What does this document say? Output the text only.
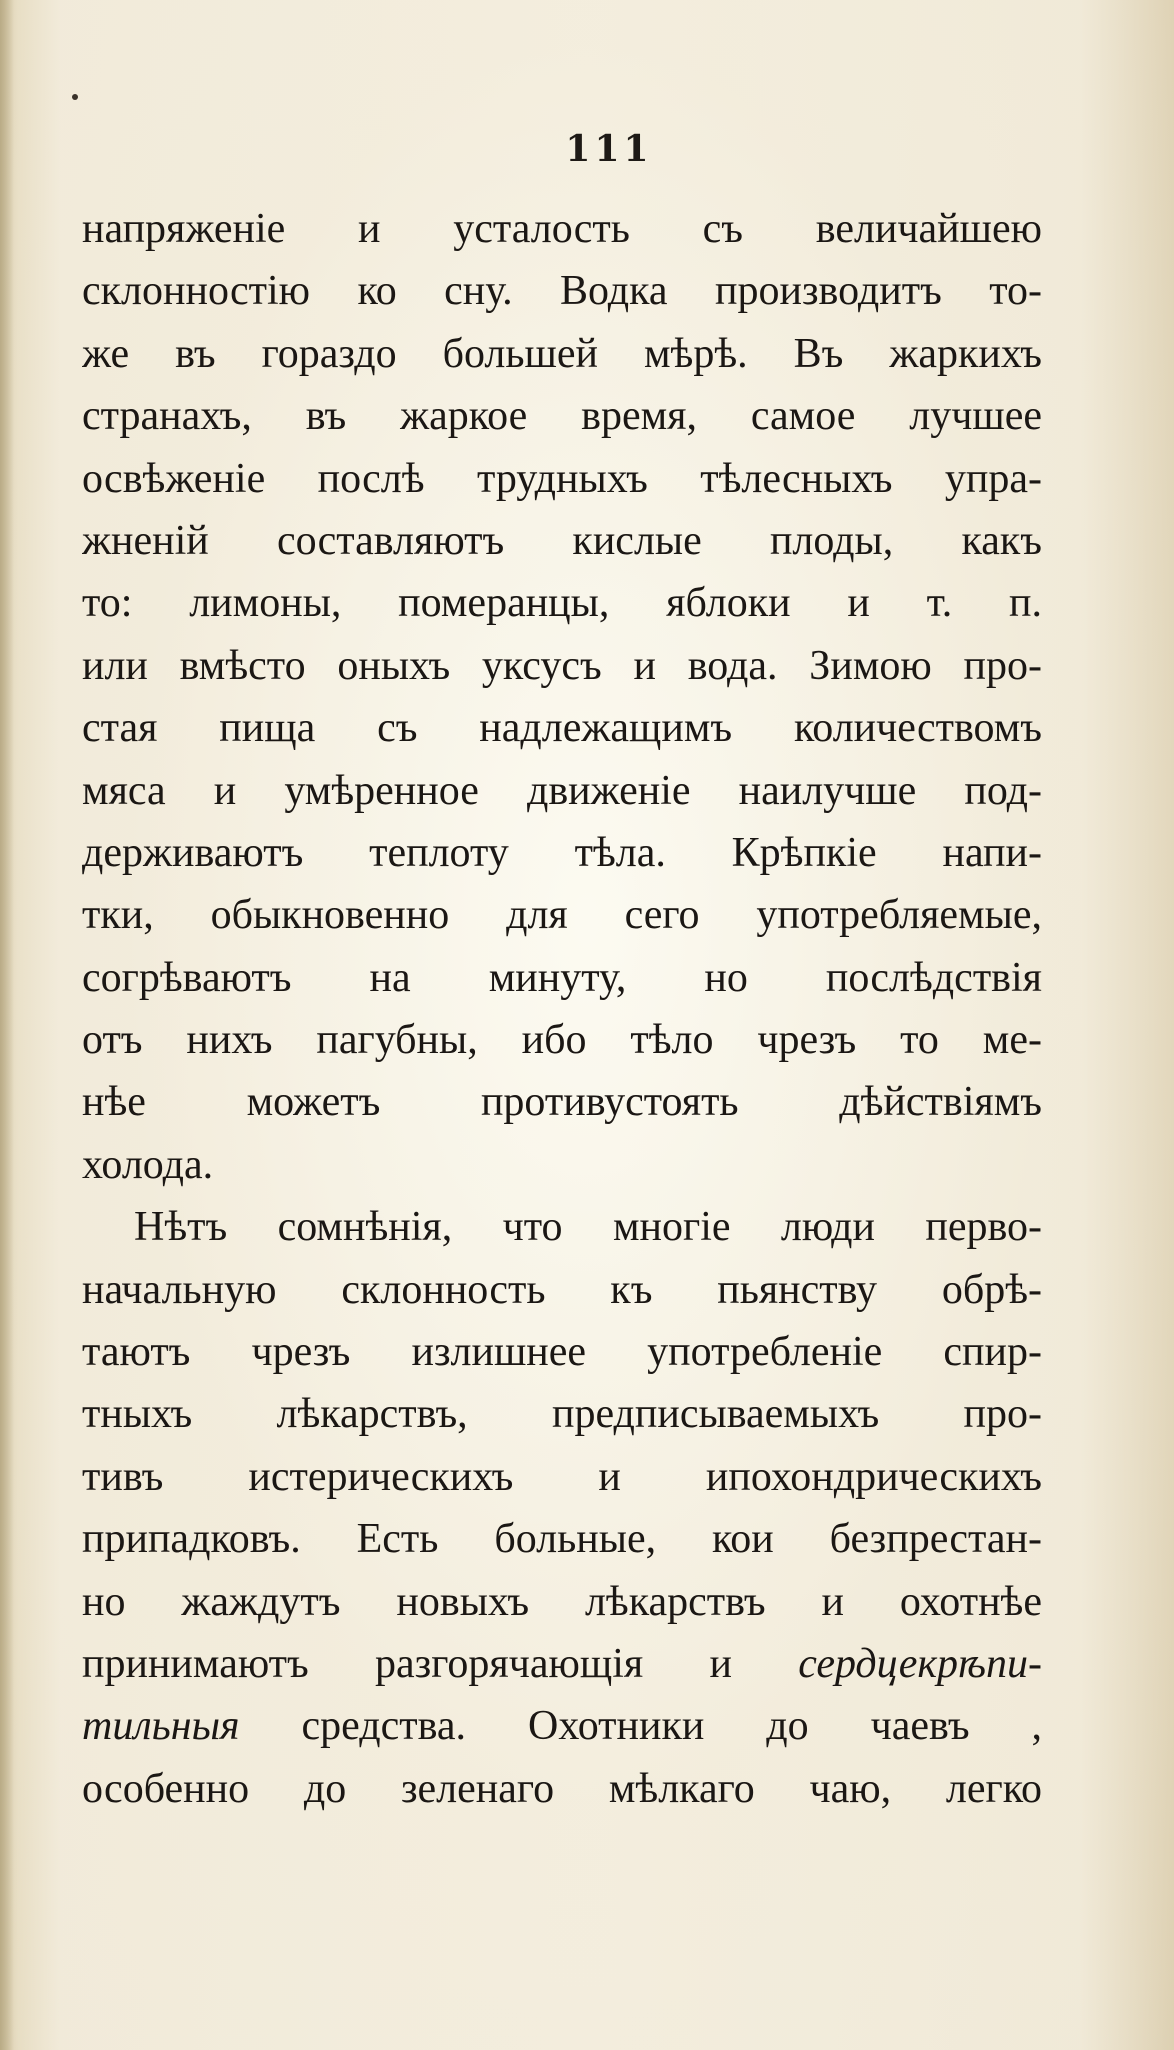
111
напряженіе и усталость съ величайшею
склонностію ко сну. Водка производитъ то-
же въ гораздо большей мѣрѣ. Въ жаркихъ
странахъ, въ жаркое время, самое лучшее
освѣженіе послѣ трудныхъ тѣлесныхъ упра-
жненій составляютъ кислые плоды, какъ
то: лимоны, померанцы, яблоки и т. п.
или вмѣсто оныхъ уксусъ и вода. Зимою про-
стая пища съ надлежащимъ количествомъ
мяса и умѣренное движеніе наилучше под-
держиваютъ теплоту тѣла. Крѣпкіе напи-
тки, обыкновенно для сего употребляемые,
согрѣваютъ на минуту, но послѣдствія
отъ нихъ пагубны, ибо тѣло чрезъ то ме-
нѣе можетъ противустоять дѣйствіямъ
холода.
Нѣтъ сомнѣнія, что многіе люди перво-
начальную склонность къ пьянству обрѣ-
таютъ чрезъ излишнее употребленіе спир-
тныхъ лѣкарствъ, предписываемыхъ про-
тивъ истерическихъ и ипохондрическихъ
припадковъ. Есть больные, кои безпрестан-
но жаждутъ новыхъ лѣкарствъ и охотнѣе
принимаютъ разгорячающія и сердцекрѣпи-
тильныя средства. Охотники до чаевъ ,
особенно до зеленаго мѣлкаго чаю, легко
